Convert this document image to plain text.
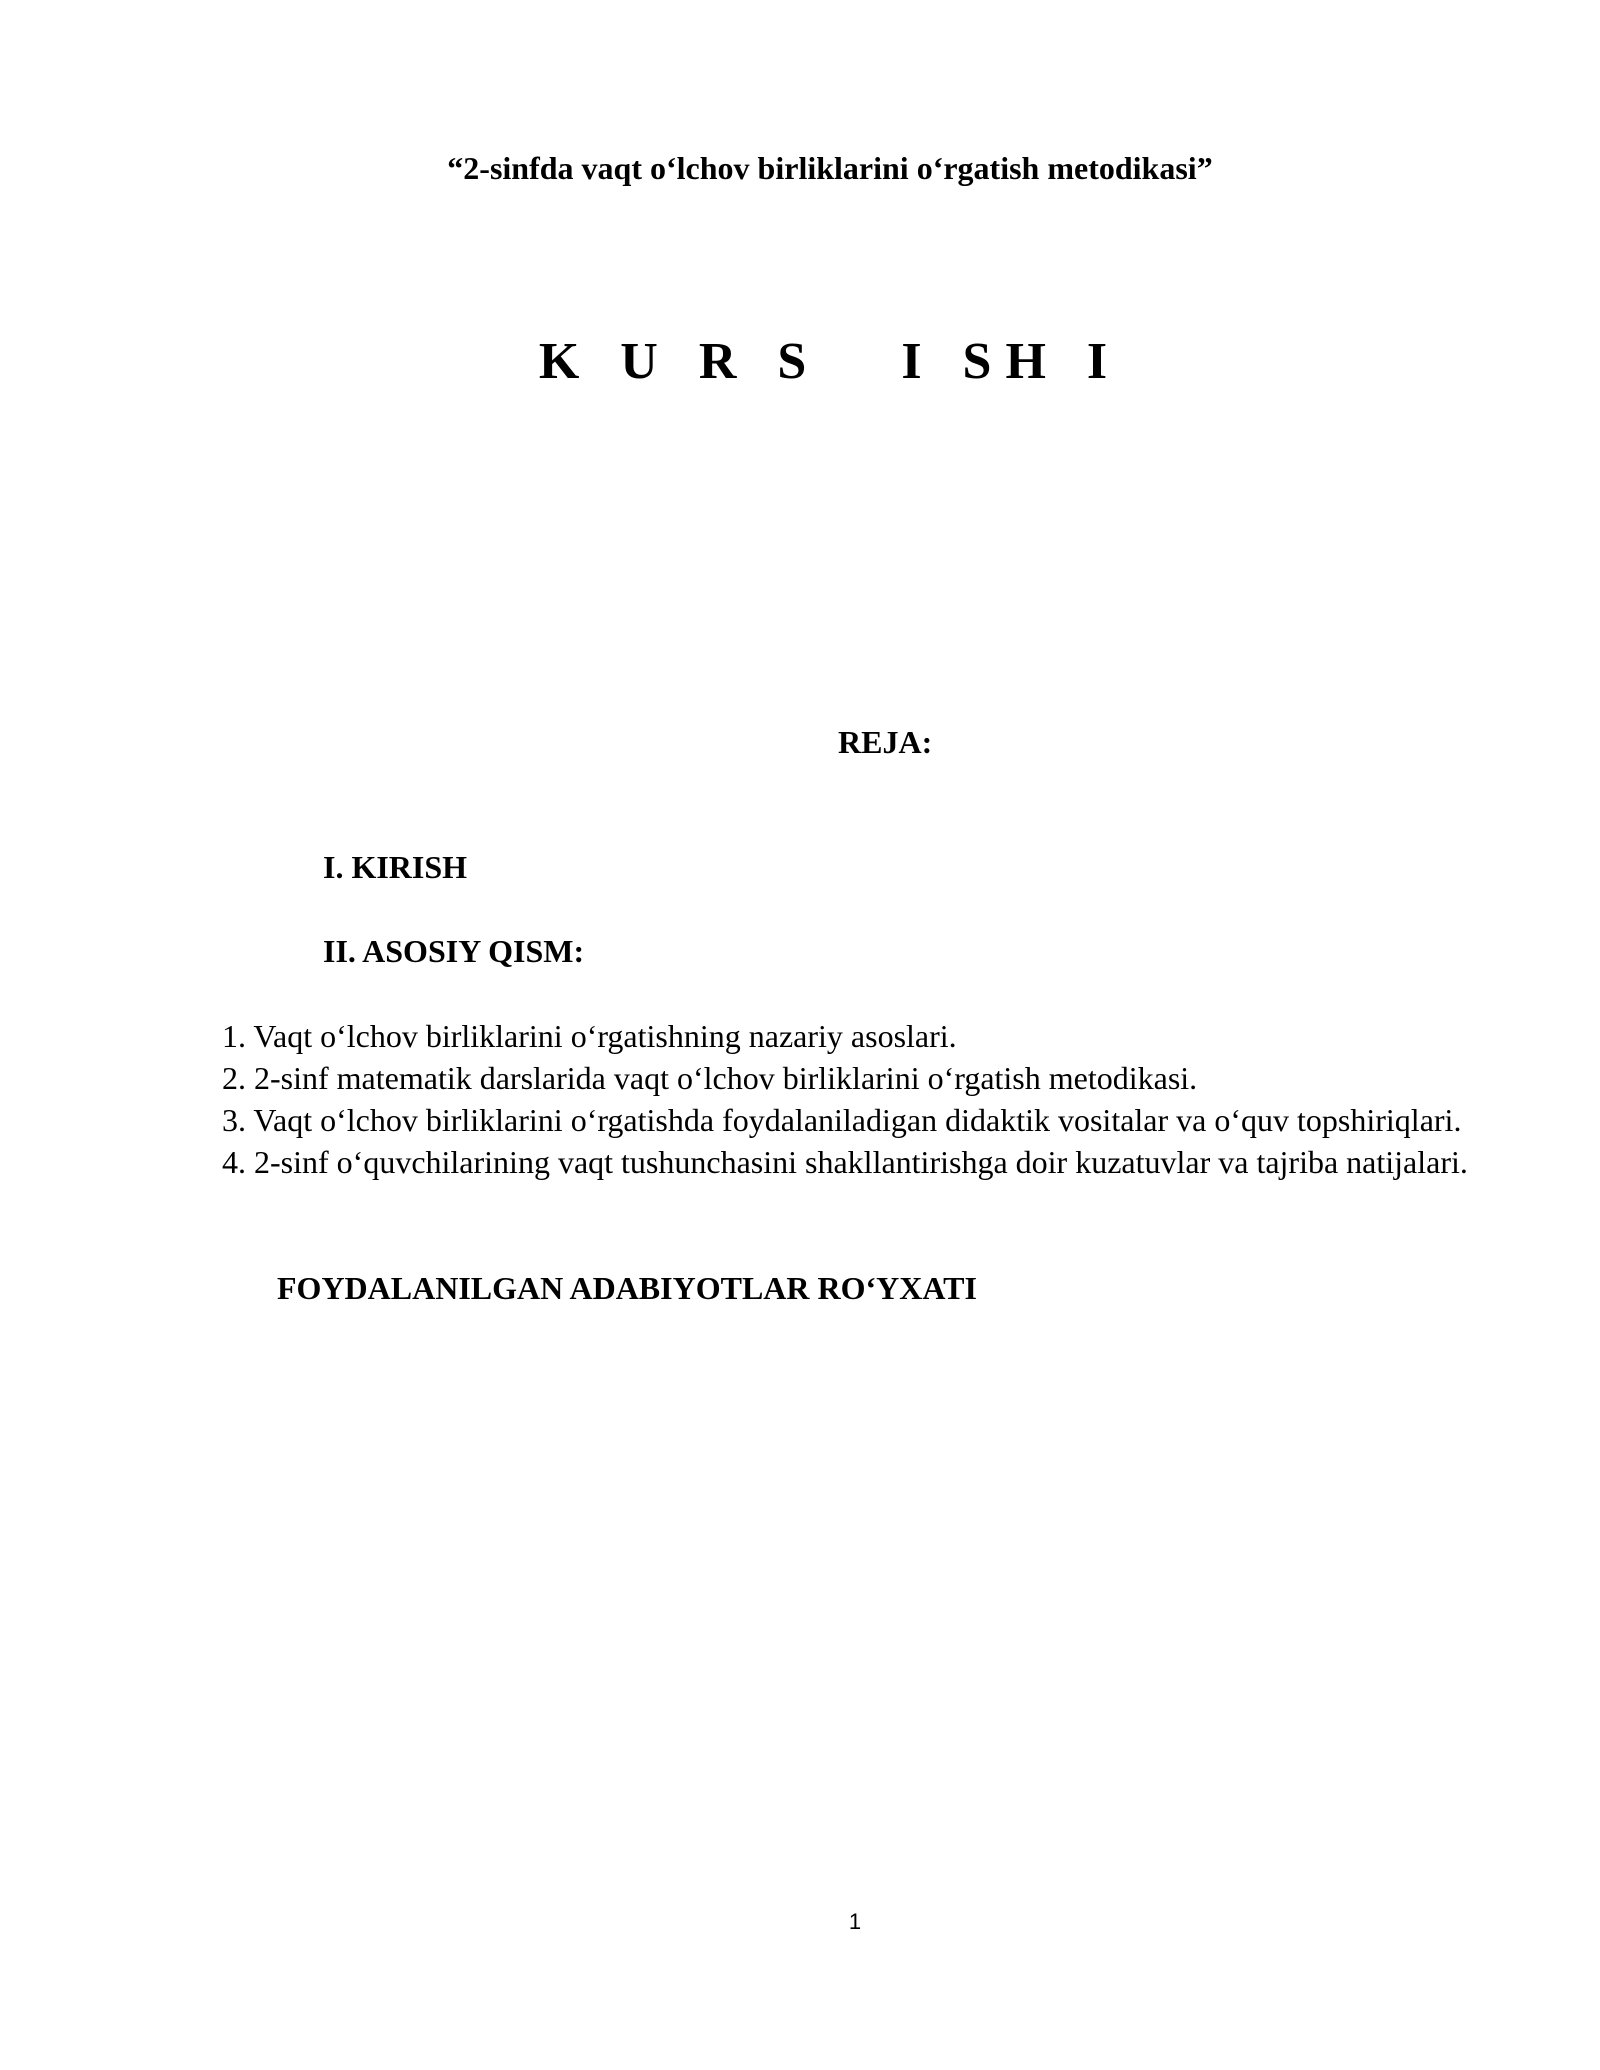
“2-sinfda vaqt o‘lchov birliklarini o‘rgatish metodikasi”
K U R S   I SH I
REJA:
I. KIRISH
II. ASOSIY QISM:
1. Vaqt o‘lchov birliklarini o‘rgatishning nazariy asoslari.
2. 2-sinf matematik darslarida vaqt o‘lchov birliklarini o‘rgatish metodikasi.
3. Vaqt o‘lchov birliklarini o‘rgatishda foydalaniladigan didaktik vositalar va o‘quv topshiriqlari.
4. 2-sinf o‘quvchilarining vaqt tushunchasini shakllantirishga doir kuzatuvlar va tajriba natijalari.
FOYDALANILGAN ADABIYOTLAR RO‘YXATI
1
